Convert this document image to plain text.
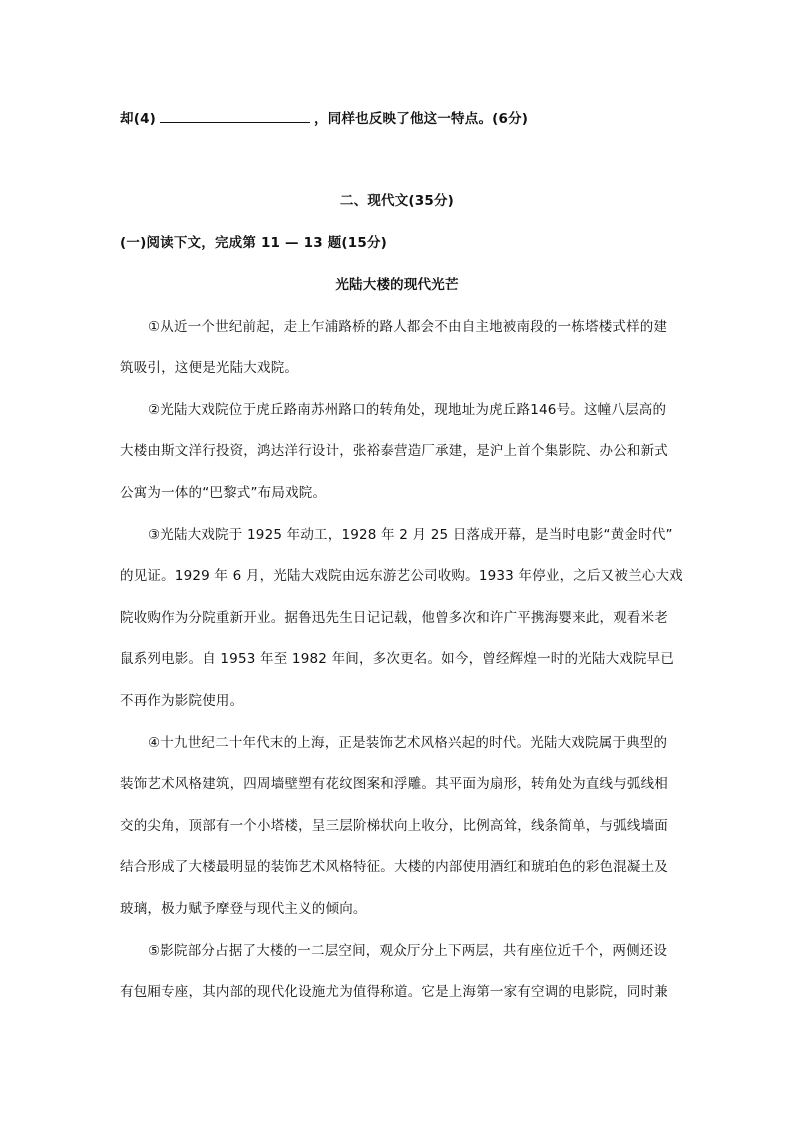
却(4)	，同样也反映了他这一特点。(6分)
二、现代文(35分)
(一)阅读下文，完成第 11 — 13 题(15分)
光陆大楼的现代光芒
①从近一个世纪前起，走上乍浦路桥的路人都会不由自主地被南段的一栋塔楼式样的建
筑吸引，这便是光陆大戏院。
②光陆大戏院位于虎丘路南苏州路口的转角处，现地址为虎丘路146号。这幢八层高的
大楼由斯文洋行投资，鸿达洋行设计，张裕泰营造厂承建，是沪上首个集影院、办公和新式
公寓为一体的“巴黎式”布局戏院。
③光陆大戏院于 1925 年动工，1928 年 2 月 25 日落成开幕，是当时电影“黄金时代”
的见证。1929 年 6 月，光陆大戏院由远东游艺公司收购。1933 年停业，之后又被兰心大戏
院收购作为分院重新开业。据鲁迅先生日记记载，他曾多次和许广平携海婴来此，观看米老
鼠系列电影。自 1953 年至 1982 年间，多次更名。如今，曾经辉煌一时的光陆大戏院早已
不再作为影院使用。
④十九世纪二十年代末的上海，正是装饰艺术风格兴起的时代。光陆大戏院属于典型的
装饰艺术风格建筑，四周墙壁塑有花纹图案和浮雕。其平面为扇形，转角处为直线与弧线相
交的尖角，顶部有一个小塔楼，呈三层阶梯状向上收分，比例高耸，线条简单，与弧线墙面
结合形成了大楼最明显的装饰艺术风格特征。大楼的内部使用酒红和琥珀色的彩色混凝土及
玻璃，极力赋予摩登与现代主义的倾向。
⑤影院部分占据了大楼的一二层空间，观众厅分上下两层，共有座位近千个，两侧还设
有包厢专座，其内部的现代化设施尤为值得称道。它是上海第一家有空调的电影院，同时兼
